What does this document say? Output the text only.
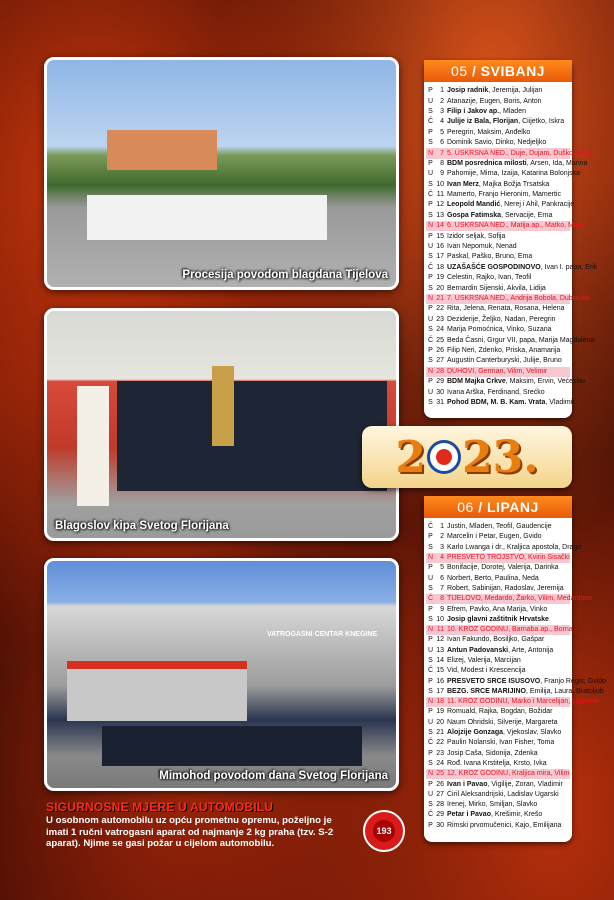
Procesija povodom blagdana Tijelova
Blagoslov kipa Svetog Florijana
VATROGASNI CENTAR KNEGINE
Mimohod povodom dana Svetog Florijana
05 / SVIBANJ
P	1 Josip radnik, Jeremija, Julijan
U	2 Atanazije, Eugen, Boris, Anton
S	3 Filip i Jakov ap., Mladen
Č	4 Julije iz Bala, Florijan, Ciijetko, Iskra
P	5 Peregrin, Maksim, Anđelko
S	6 Dominik Savio, Dinko, Nedjeljko
N	7 5. USKRSNA NED., Duje, Dujam, Duško, Boris
P	8 BDM posrednica milosti, Arsen, Ida, Marina
U	9 Pahomije, Mirna, Izaija, Katarina Bolonjska
S 10 Ivan Merz, Majka Božja Trsatska
Č 11 Mamerto, Franjo Hieronim, Mamertic
P 12 Leopold Mandić, Nerej i Ahil, Pankracije
S 13 Gospa Fatimska, Servacije, Erna
N 14 6. USKRSNA NED., Matija ap., Matko, Mate
P 15 Izidor seljak, Sofija
U 16 Ivan Nepomuk, Nenad
S 17 Paskal, Paško, Bruno, Ema
Č 18 UZAŠAŠĆE GOSPODINOVO, Ivan I. papa, Erik
P 19 Celestin, Rajko, Ivan, Teofil
S 20 Bernardin Sijenski, Akvila, Lidija
N 21 7. USKRSNA NED., Andrija Bobola, Dubravka
P 22 Rita, Jelena, Renata, Rosana, Helena
U 23 Deziderije, Željko, Nadan, Peregrin
S 24 Marija Pomoćnica, Vinko, Suzana
Č 25 Beda Časni, Grgur VII, papa, Marija Magdalena
P 26 Filip Neri, Zdenko, Priska, Anamarija
S 27 Augustin Canterburyski, Julije, Bruno
N 28 DUHOVI, German, Vilim, Velimir
P 29 BDM Majka Crkve, Maksim, Ervin, Većeslav
U 30 Ivana Arška, Ferdinand, Srećko
S 31 Pohod BDM, M. B. Kam. Vrata, Vladimir
2 23.
06 / LIPANJ
Č	1 Justin, Mladen, Teofil, Gaudencije
P	2 Marcelin i Petar, Eugen, Gvido
S	3 Karlo Lwanga i dr., Kraljica apostola, Drago
N	4 PRESVETO TROJSTVO, Kvirin Sisački
P	5 Bonifacije, Dorotej, Valerija, Darinka
U	6 Norbert, Berto, Paulina, Neda
S	7 Robert, Sabinijan, Radoslav, Jeremija
Č	8 TIJELOVO, Medardo, Žarko, Vilim, Medardovo
P	9 Efrem, Pavko, Ana Marija, Vinko
S 10 Josip glavni zaštitnik Hrvatske
N 11 10. KROZ GODINU, Barnaba ap., Borna
P 12 Ivan Fakundo, Bosiljko, Gašpar
U 13 Antun Padovanski, Arte, Antonija
S 14 Elizej, Valerija, Marcijan
Č 15 Vid, Modest i Krescencija
P 16 PRESVETO SRCE ISUSOVO, Franjo Regis, Gvido
S 17 BEZG. SRCE MARIJINO, Emilija, Laura, Bratoljub
N 18 11. KROZ GODINU, Marko i Marcelijan, Ljubomir
P 19 Romuald, Rajka, Bogdan, Božidar
U 20 Naum Ohridski, Silverije, Margareta
S 21 Alojzije Gonzaga, Vjekoslav, Slavko
Č 22 Paulin Nolanski, Ivan Fisher, Toma
P 23 Josip Caša, Sidonija, Zdenka
S 24 Rođ. Ivana Krstitelja, Krsto, Ivka
N 25 12. KROZ GODINU, Kraljica mira, Vilim
P 26 Ivan i Pavao, Vigilije, Zoran, Vladimir
U 27 Ćiril Aleksandrijski, Ladislav Ugarski
S 28 Irenej, Mirko, Smiljan, Slavko
Č 29 Petar i Pavao, Krešimir, Krešo
P 30 Rimski prvomučenici, Kajo, Emilijana
SIGURNOSNE MJERE U AUTOMOBILU
U osobnom automobilu uz opću prometnu opremu, poželjno je imati 1 ručni vatrogasni aparat od najmanje 2 kg praha (tzv. S-2 aparat). Njime se gasi požar u cijelom automobilu.
193
